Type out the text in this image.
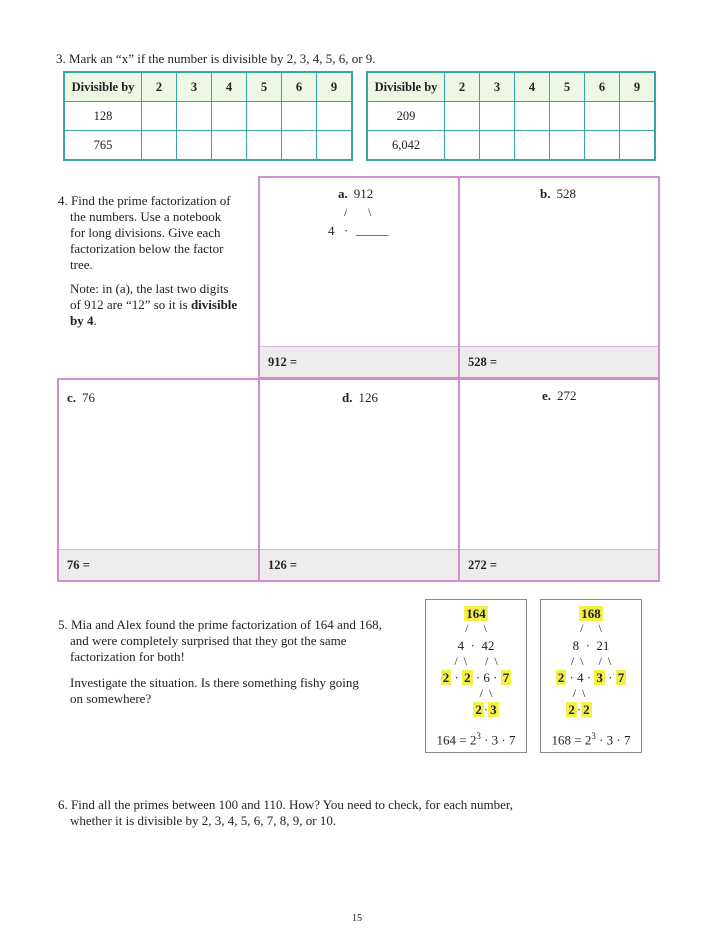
3. Mark an “x” if the number is divisible by 2, 3, 4, 5, 6, or 9.
Divisible by	2	3	4	5	6	9
128						
765						
Divisible by	2	3	4	5	6	9
209						
6,042						
4. Find the prime factorization of
the numbers. Use a notebook
for long divisions. Give each
factorization below the factor
tree.
Note: in (a), the last two digits
of 912 are “12” so it is divisible
by 4.
a. 912
/ \
4 · _____
912 =
b. 528
528 =
c. 76
76 =
d. 126
126 =
e. 272
272 =
5. Mia and Alex found the prime factorization of 164 and 168,
and were completely surprised that they got the same
factorization for both!
Investigate the situation. Is there something fishy going
on somewhere?
164
/     \
4  ·  42
/  \      /  \
2 · 2 · 6 · 7
/  \
2 · 3
$164 = 2^3 \cdot 3 \cdot 7$
168
/     \
8  ·  21
/  \     /  \
2 · 4 · 3 · 7
/  \
2 · 2
$168 = 2^3 \cdot 3 \cdot 7$
6. Find all the primes between 100 and 110. How? You need to check, for each number,
whether it is divisible by 2, 3, 4, 5, 6, 7, 8, 9, or 10.
15
